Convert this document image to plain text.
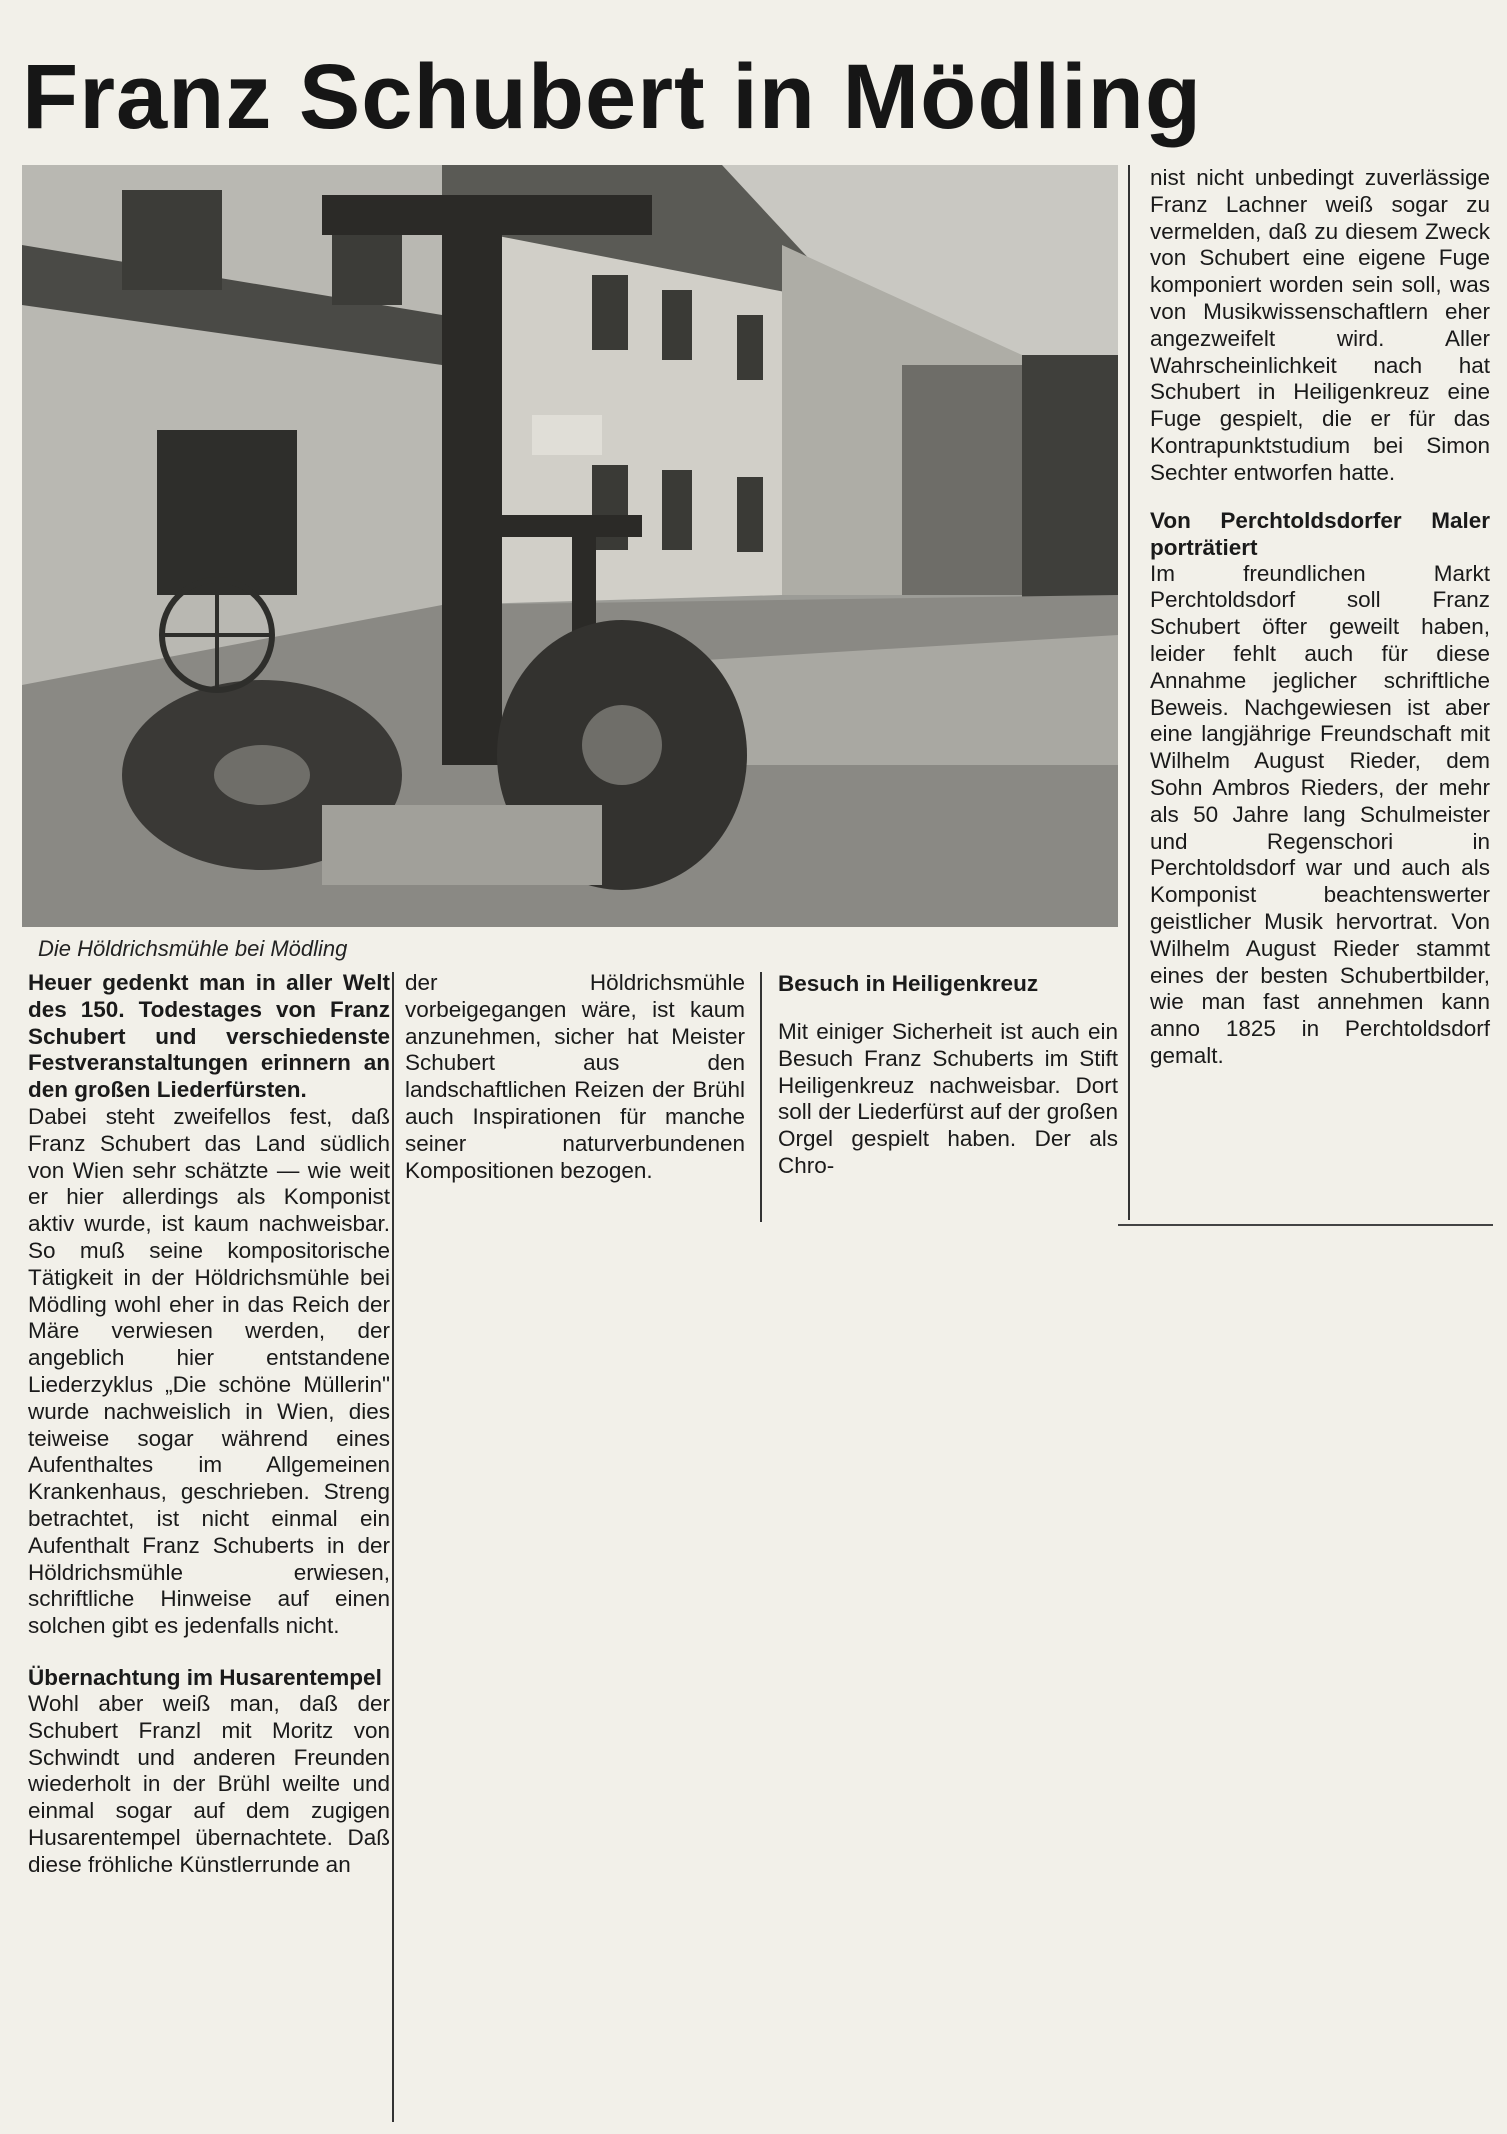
Franz Schubert in Mödling
Die Höldrichsmühle bei Mödling

Heuer gedenkt man in aller Welt des 150. Todestages von Franz Schubert und verschiedenste Festveranstaltungen erinnern an den großen Liederfürsten.

Dabei steht zweifellos fest, daß Franz Schubert das Land südlich von Wien sehr schätzte — wie weit er hier allerdings als Komponist aktiv wurde, ist kaum nachweisbar. So muß seine kompositorische Tätigkeit in der Höldrichsmühle bei Mödling wohl eher in das Reich der Märe verwiesen werden, der angeblich hier entstandene Liederzyklus „Die schöne Müllerin" wurde nachweislich in Wien, dies teiweise sogar während eines Aufenthaltes im Allgemeinen Krankenhaus, geschrieben. Streng betrachtet, ist nicht einmal ein Aufenthalt Franz Schuberts in der Höldrichsmühle erwiesen, schriftliche Hinweise auf einen solchen gibt es jedenfalls nicht.

Übernachtung im Husarentempel

Wohl aber weiß man, daß der Schubert Franzl mit Moritz von Schwindt und anderen Freunden wiederholt in der Brühl weilte und einmal sogar auf dem zugigen Husarentempel übernachtete. Daß diese fröhliche Künstlerrunde an

der Höldrichsmühle vorbeigegangen wäre, ist kaum anzunehmen, sicher hat Meister Schubert aus den landschaftlichen Reizen der Brühl auch Inspirationen für manche seiner naturverbundenen Kompositionen bezogen.

Besuch in Heiligenkreuz

Mit einiger Sicherheit ist auch ein Besuch Franz Schuberts im Stift Heiligenkreuz nachweisbar. Dort soll der Liederfürst auf der großen Orgel gespielt haben. Der als Chro-

nist nicht unbedingt zuverlässige Franz Lachner weiß sogar zu vermelden, daß zu diesem Zweck von Schubert eine eigene Fuge komponiert worden sein soll, was von Musikwissenschaftlern eher angezweifelt wird. Aller Wahrscheinlichkeit nach hat Schubert in Heiligenkreuz eine Fuge gespielt, die er für das Kontrapunktstudium bei Simon Sechter entworfen hatte.

Von Perchtoldsdorfer Maler porträtiert

Im freundlichen Markt Perchtoldsdorf soll Franz Schubert öfter geweilt haben, leider fehlt auch für diese Annahme jeglicher schriftliche Beweis. Nachgewiesen ist aber eine langjährige Freundschaft mit Wilhelm August Rieder, dem Sohn Ambros Rieders, der mehr als 50 Jahre lang Schulmeister und Regenschori in Perchtoldsdorf war und auch als Komponist beachtenswerter geistlicher Musik hervortrat. Von Wilhelm August Rieder stammt eines der besten Schubertbilder, wie man fast annehmen kann anno 1825 in Perchtoldsdorf gemalt.
